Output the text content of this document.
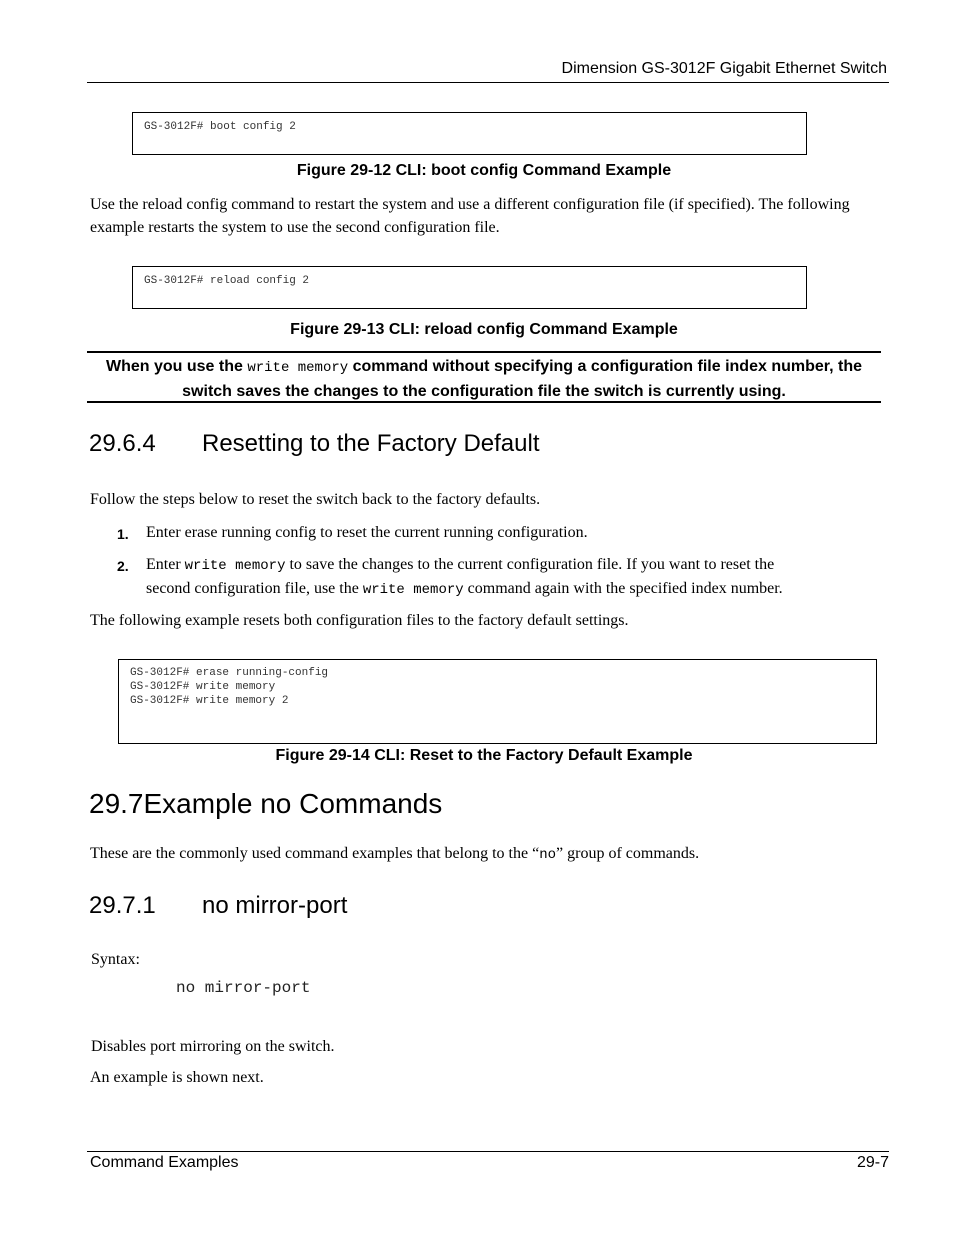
Dimension GS-3012F Gigabit Ethernet Switch
GS-3012F# boot config 2
Figure 29-12 CLI: boot config Command Example
Use the reload config command to restart the system and use a different configuration file (if specified). The following example restarts the system to use the second configuration file.
GS-3012F# reload config 2
Figure 29-13 CLI: reload config Command Example
When you use the write memory command without specifying a configuration file index number, the switch saves the changes to the configuration file the switch is currently using.
29.6.4 Resetting to the Factory Default
Follow the steps below to reset the switch back to the factory defaults.
1. Enter erase running config to reset the current running configuration.
2. Enter write memory to save the changes to the current configuration file. If you want to reset the
second configuration file, use the write memory command again with the specified index number.
The following example resets both configuration files to the factory default settings.
GS-3012F# erase running-config
GS-3012F# write memory
GS-3012F# write memory 2
Figure 29-14 CLI: Reset to the Factory Default Example
29.7Example no Commands
These are the commonly used command examples that belong to the “no” group of commands.
29.7.1 no mirror-port
Syntax:
no mirror-port
Disables port mirroring on the switch.
An example is shown next.
Command Examples	29-7
